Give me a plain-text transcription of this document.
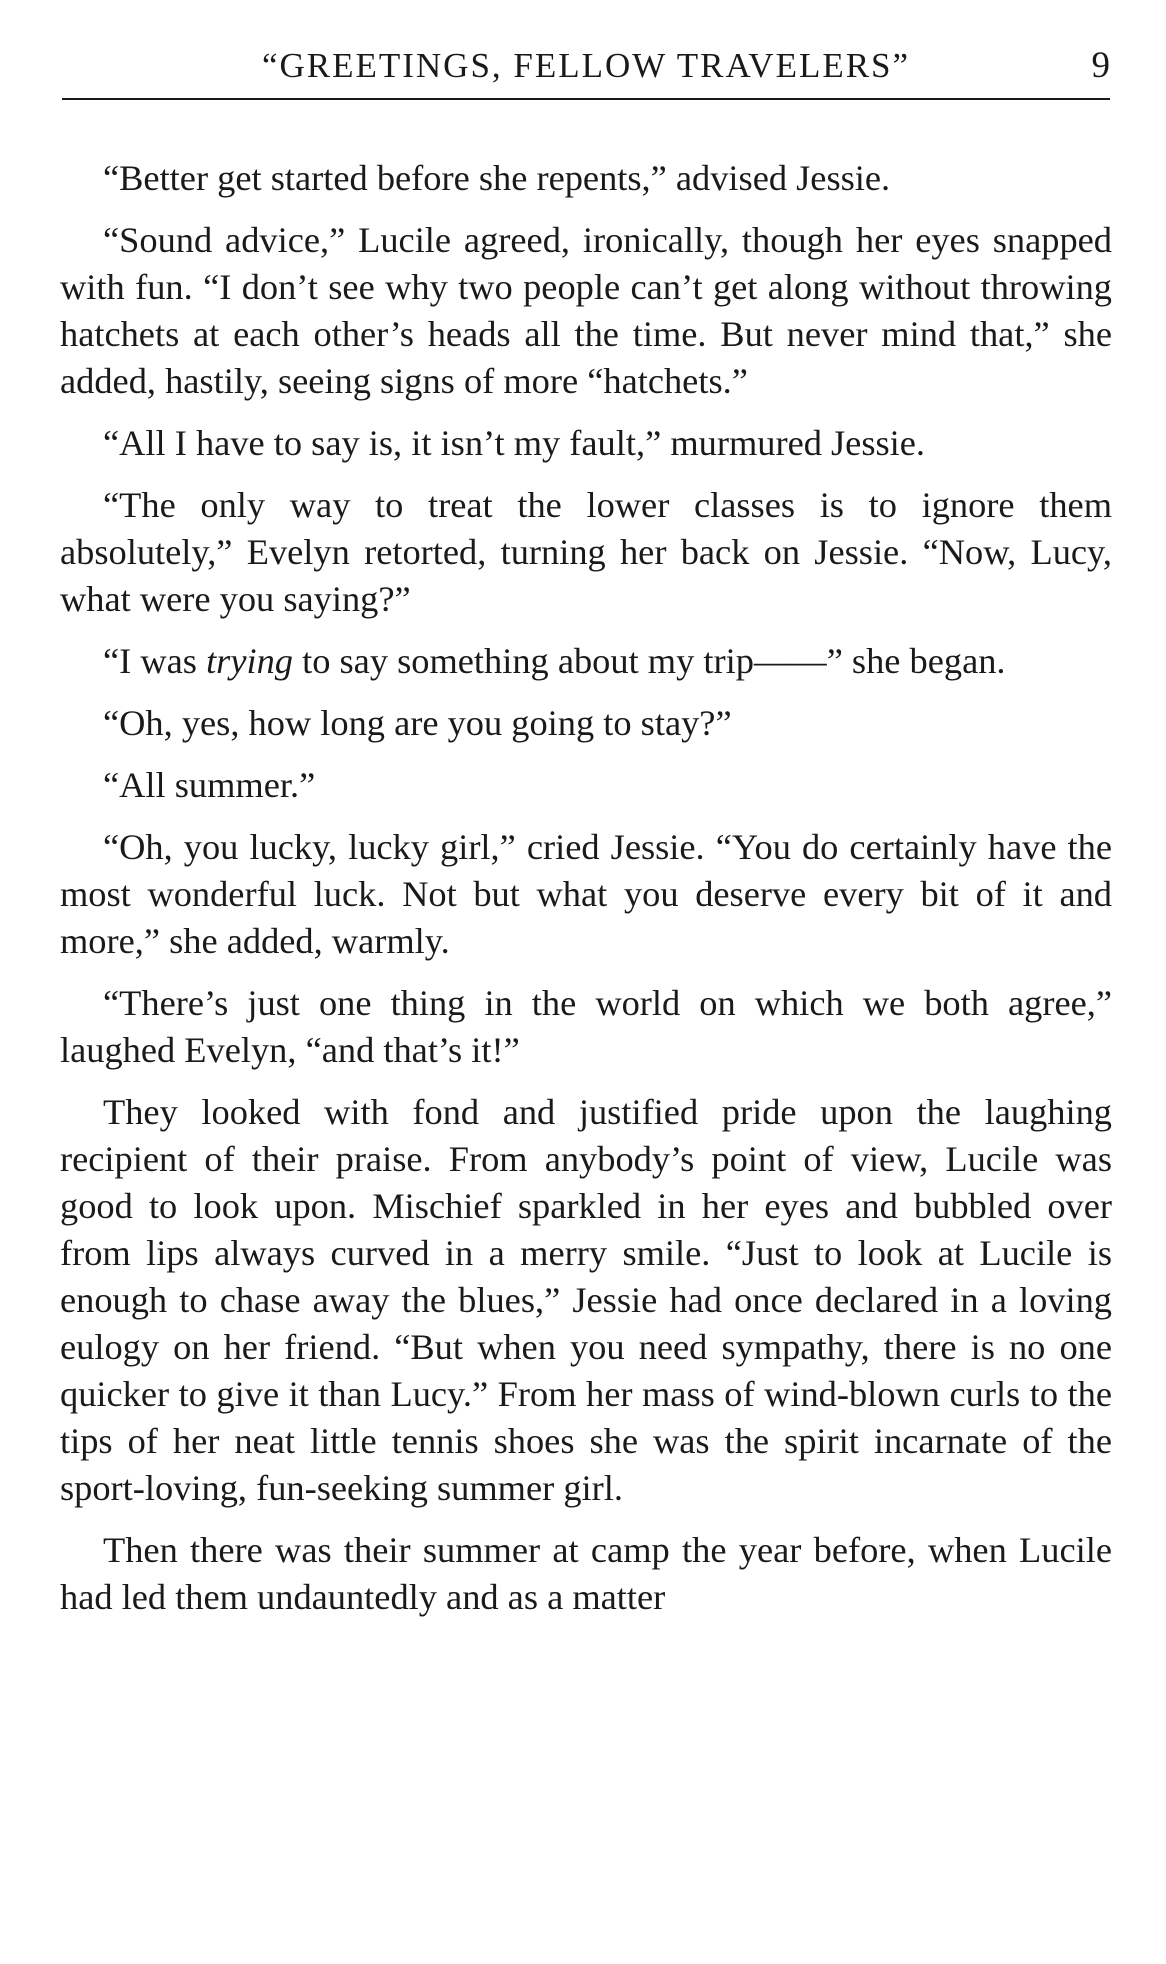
“GREETINGS, FELLOW TRAVELERS”	9

“Better get started before she repents,” advised Jessie.

“Sound advice,” Lucile agreed, ironically, though her eyes snapped with fun. “I don’t see why two people can’t get along without throwing hatchets at each other’s heads all the time. But never mind that,” she added, hastily, seeing signs of more “hatchets.”

“All I have to say is, it isn’t my fault,” murmured Jessie.

“The only way to treat the lower classes is to ignore them absolutely,” Evelyn retorted, turning her back on Jessie. “Now, Lucy, what were you saying?”

“I was trying to say something about my trip——” she began.

“Oh, yes, how long are you going to stay?”

“All summer.”

“Oh, you lucky, lucky girl,” cried Jessie. “You do certainly have the most wonderful luck. Not but what you deserve every bit of it and more,” she added, warmly.

“There’s just one thing in the world on which we both agree,” laughed Evelyn, “and that’s it!”

They looked with fond and justified pride upon the laughing recipient of their praise. From anybody’s point of view, Lucile was good to look upon. Mischief sparkled in her eyes and bubbled over from lips always curved in a merry smile. “Just to look at Lucile is enough to chase away the blues,” Jessie had once declared in a loving eulogy on her friend. “But when you need sympathy, there is no one quicker to give it than Lucy.” From her mass of wind-blown curls to the tips of her neat little tennis shoes she was the spirit incarnate of the sport-loving, fun-seeking summer girl.

Then there was their summer at camp the year before, when Lucile had led them undauntedly and as a matter
